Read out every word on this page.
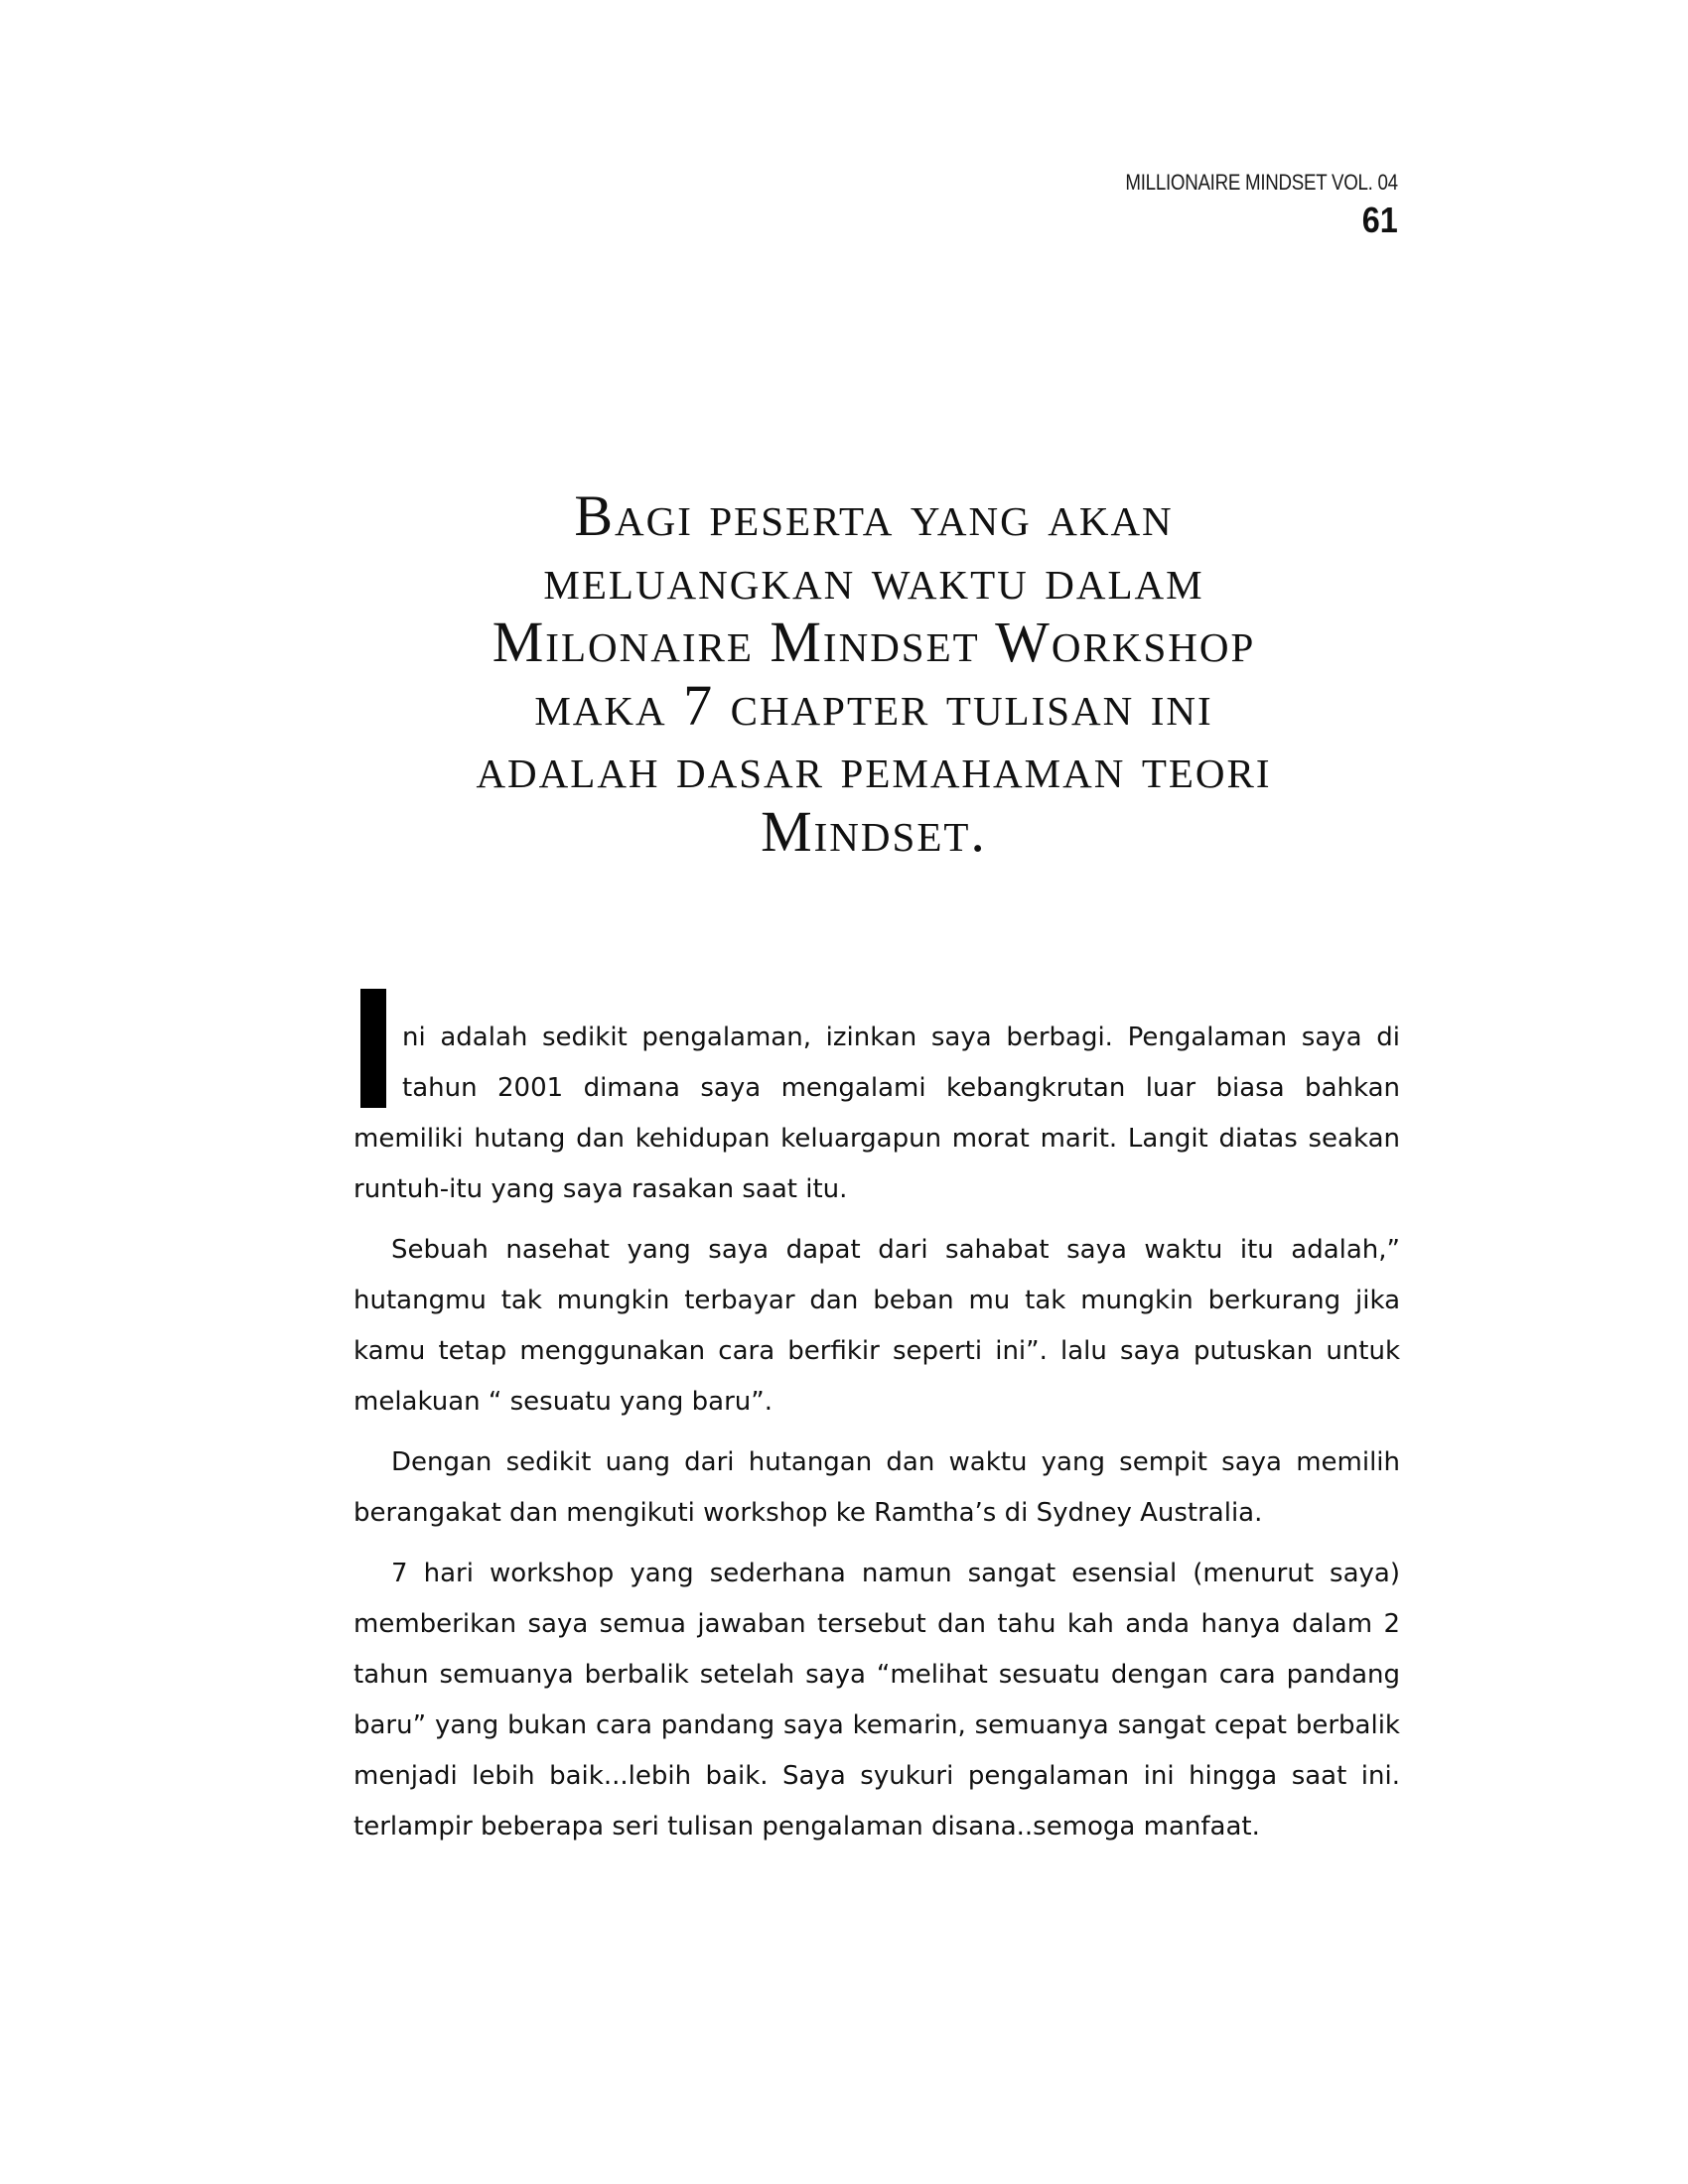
MILLIONAIRE MINDSET VOL. 04
61
Bagi peserta yang akan
meluangkan waktu dalam
Milonaire Mindset Workshop
maka 7 chapter tulisan ini
adalah dasar pemahaman teori
Mindset.

ni adalah sedikit pengalaman, izinkan saya berbagi. Pengalaman saya di tahun 2001 dimana saya mengalami kebangkrutan luar biasa bahkan memiliki hutang dan kehidupan keluargapun morat marit. Langit diatas seakan runtuh-itu yang saya rasakan saat itu.

Sebuah nasehat yang saya dapat dari sahabat saya waktu itu adalah,” hutangmu tak mungkin terbayar dan beban mu tak mungkin berkurang jika kamu tetap menggunakan cara berfikir seperti ini”. lalu saya putuskan untuk melakuan “ sesuatu yang baru”.

Dengan sedikit uang dari hutangan dan waktu yang sempit saya memilih berangakat dan mengikuti workshop ke Ramtha’s di Sydney Australia.

7 hari workshop yang sederhana namun sangat esensial (menurut saya) memberikan saya semua jawaban tersebut dan tahu kah anda hanya dalam 2 tahun semuanya berbalik setelah saya “melihat sesuatu dengan cara pandang baru” yang bukan cara pandang saya kemarin, semuanya sangat cepat berbalik menjadi lebih baik...lebih baik. Saya syukuri pengalaman ini hingga saat ini. terlampir beberapa seri tulisan pengalaman disana..semoga manfaat.
